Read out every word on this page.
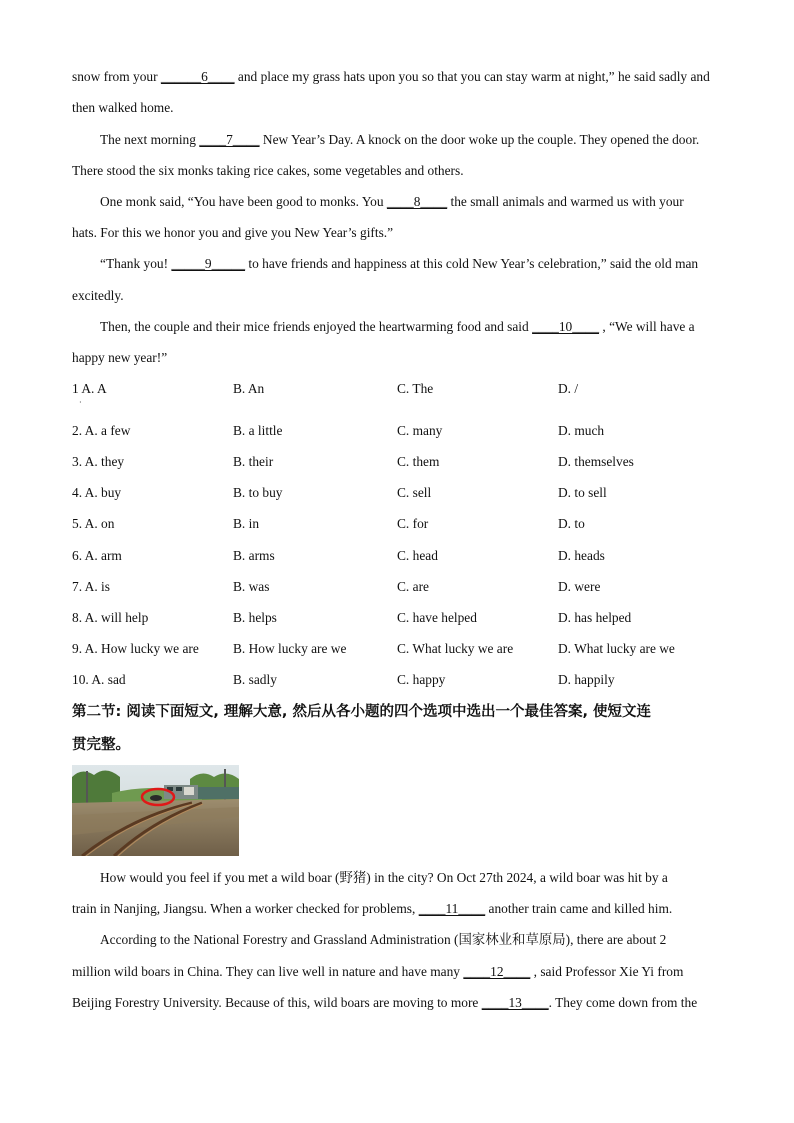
snow from your ______6____ and place my grass hats upon you so that you can stay warm at night,” he said sadly and
then walked home.
The next morning ____7____ New Year’s Day. A knock on the door woke up the couple. They opened the door.
There stood the six monks taking rice cakes, some vegetables and others.
One monk said, “You have been good to monks. You ____8____ the small animals and warmed us with your
hats. For this we honor you and give you New Year’s gifts.”
“Thank you! _____9_____ to have friends and happiness at this cold New Year’s celebration,” said the old man
excitedly.
Then, the couple and their mice friends enjoyed the heartwarming food and said ____10____ , “We will have a
happy new year!”
1 A. A	B. An	C. The	D. /
2. A. a few	B. a little	C. many	D. much
3. A. they	B. their	C. them	D. themselves
4. A. buy	B. to buy	C. sell	D. to sell
5. A. on	B. in	C. for	D. to
6. A. arm	B. arms	C. head	D. heads
7. A. is	B. was	C. are	D. were
8. A. will help	B. helps	C. have helped	D. has helped
9. A. How lucky we are	B. How lucky are we	C. What lucky we are	D. What lucky are we
10. A. sad	B. sadly	C. happy	D. happily
·
第二节: 阅读下面短文, 理解大意, 然后从各小题的四个选项中选出一个最佳答案, 使短文连
贯完整。
How would you feel if you met a wild boar (野猪) in the city? On Oct 27th 2024, a wild boar was hit by a
train in Nanjing, Jiangsu. When a worker checked for problems, ____11____ another train came and killed him.
According to the National Forestry and Grassland Administration (国家林业和草原局), there are about 2
million wild boars in China. They can live well in nature and have many ____12____ , said Professor Xie Yi from
Beijing Forestry University. Because of this, wild boars are moving to more ____13____. They come down from the
